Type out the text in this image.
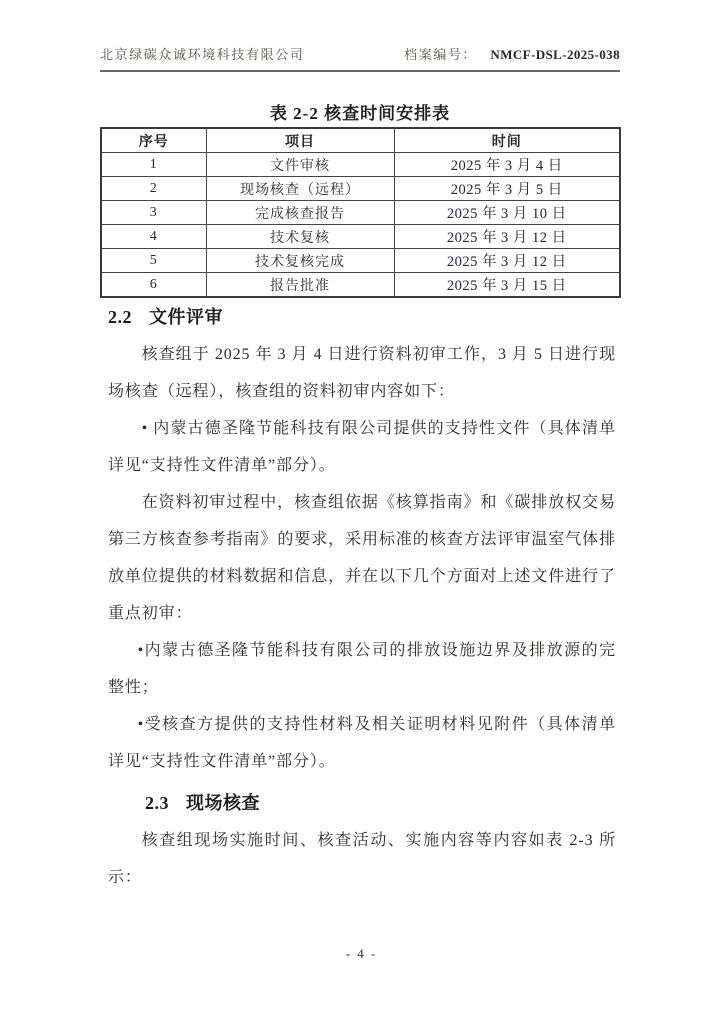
北京绿碳众诚环境科技有限公司	档案编号： NMCF-DSL-2025-038
表 2-2 核查时间安排表
序号	项目	时间
1	文件审核	2025 年 3 月 4 日
2	现场核查（远程）	2025 年 3 月 5 日
3	完成核查报告	2025 年 3 月 10 日
4	技术复核	2025 年 3 月 12 日
5	技术复核完成	2025 年 3 月 12 日
6	报告批准	2025 年 3 月 15 日
2.2 文件评审

核查组于 2025 年 3 月 4 日进行资料初审工作，3 月 5 日进行现场核查（远程），核查组的资料初审内容如下：

• 内蒙古德圣隆节能科技有限公司提供的支持性文件（具体清单详见“支持性文件清单”部分）。

在资料初审过程中，核查组依据《核算指南》和《碳排放权交易第三方核查参考指南》的要求，采用标准的核查方法评审温室气体排放单位提供的材料数据和信息，并在以下几个方面对上述文件进行了重点初审：

•内蒙古德圣隆节能科技有限公司的排放设施边界及排放源的完整性；

•受核查方提供的支持性材料及相关证明材料见附件（具体清单详见“支持性文件清单”部分）。

2.3 现场核查

核查组现场实施时间、核查活动、实施内容等内容如表 2-3 所示：

- 4 -
